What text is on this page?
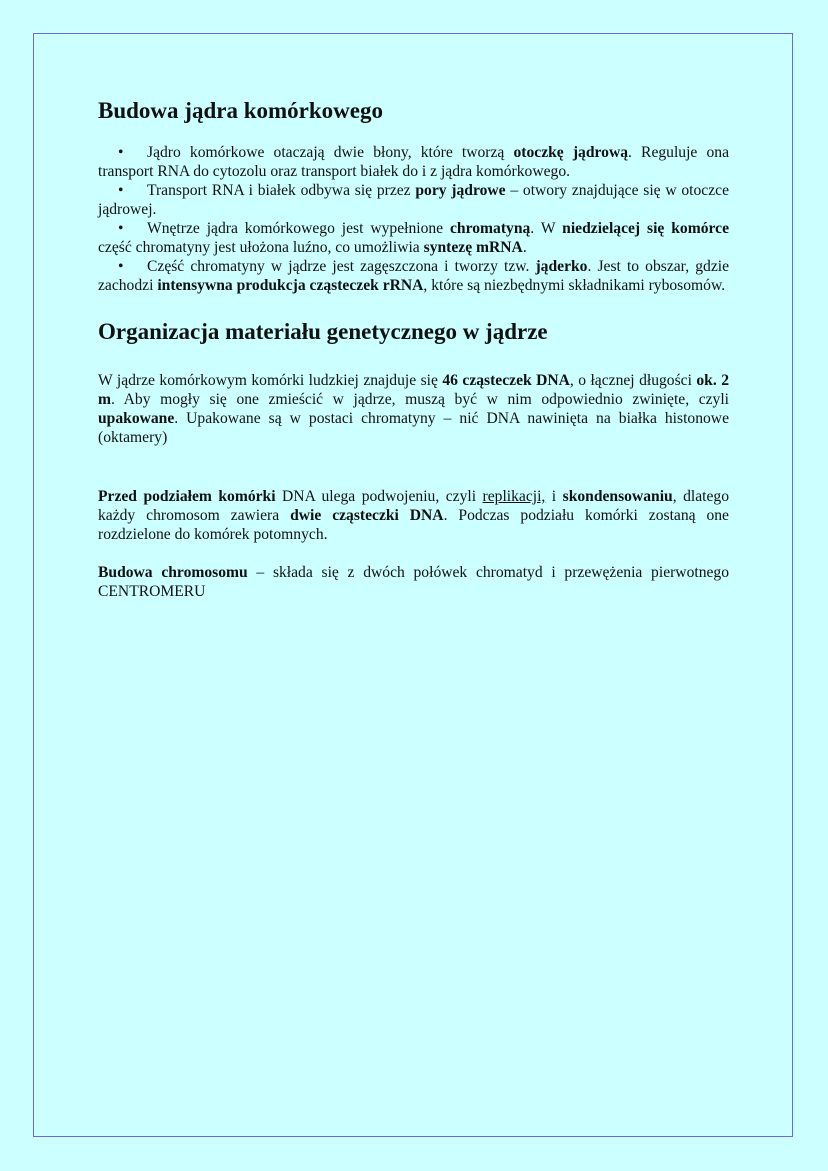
Budowa jądra komórkowego
• Jądro komórkowe otaczają dwie błony, które tworzą otoczkę jądrową. Reguluje ona transport RNA do cytozolu oraz transport białek do i z jądra komórkowego.
• Transport RNA i białek odbywa się przez pory jądrowe – otwory znajdujące się w otoczce jądrowej.
• Wnętrze jądra komórkowego jest wypełnione chromatyną. W niedzielącej się komórce część chromatyny jest ułożona luźno, co umożliwia syntezę mRNA.
• Część chromatyny w jądrze jest zagęszczona i tworzy tzw. jąderko. Jest to obszar, gdzie zachodzi intensywna produkcja cząsteczek rRNA, które są niezbędnymi składnikami rybosomów.
Organizacja materiału genetycznego w jądrze

W jądrze komórkowym komórki ludzkiej znajduje się 46 cząsteczek DNA, o łącznej długości ok. 2 m. Aby mogły się one zmieścić w jądrze, muszą być w nim odpowiednio zwinięte, czyli upakowane. Upakowane są w postaci chromatyny – nić DNA nawinięta na białka histonowe (oktamery)

Przed podziałem komórki DNA ulega podwojeniu, czyli replikacji, i skondensowaniu, dlatego każdy chromosom zawiera dwie cząsteczki DNA. Podczas podziału komórki zostaną one rozdzielone do komórek potomnych.

Budowa chromosomu – składa się z dwóch połówek chromatyd i przewężenia pierwotnego CENTROMERU
